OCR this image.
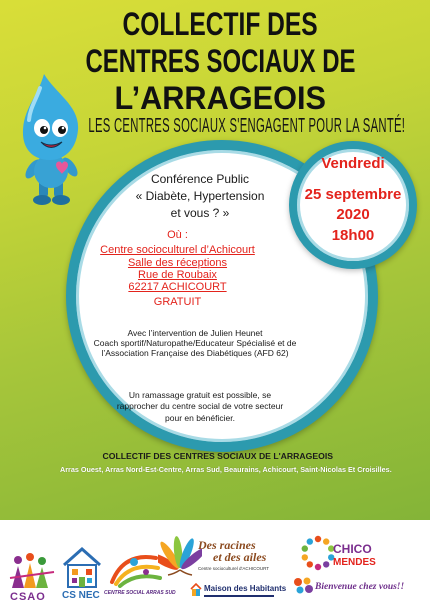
COLLECTIF DES
CENTRES SOCIAUX DE
L’ARRAGEOIS
LES CENTRES SOCIAUX S'ENGAGENT POUR LA SANTÉ!
Vendredi
25 septembre
2020
18h00
Conférence Public
« Diabète, Hypertension
et vous ? »
Où :
Centre socioculturel d’Achicourt
Salle des réceptions
Rue de Roubaix
62217 ACHICOURT
GRATUIT
Avec l’intervention de Julien Heunet
Coach sportif/Naturopathe/Educateur Spécialisé et de
l’Association Française des Diabétiques (AFD 62)
Un ramassage gratuit est possible, se
rapprocher du centre social de votre secteur
pour en bénéficier.
COLLECTIF DES CENTRES SOCIAUX DE L'ARRAGEOIS
Arras Ouest, Arras Nord-Est-Centre, Arras Sud, Beaurains, Achicourt, Saint-Nicolas Et Croisilles.
CSAO CS NEC CENTRE SOCIAL ARRAS SUD
Des racines
et des ailes
Centre socioculturel d'ACHICOURT
Maison des Habitants
CHICO
MENDES
Bienvenue chez vous!!
